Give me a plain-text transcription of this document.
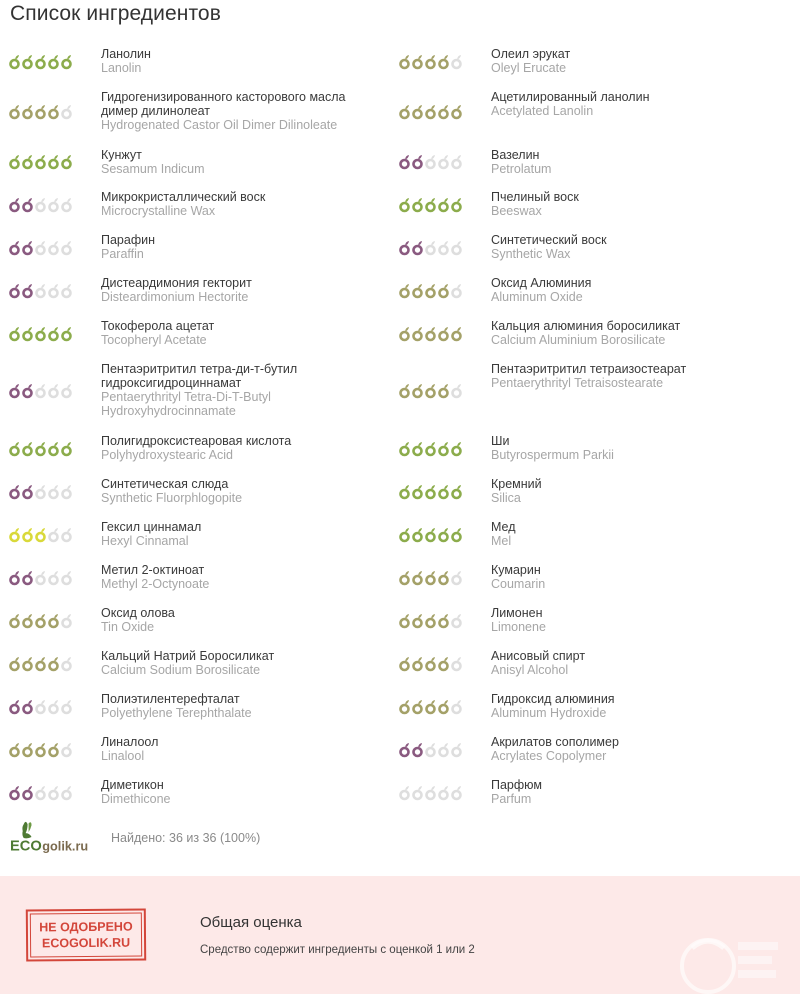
Список ингредиентов
Ланолин
Lanolin
Олеил эрукат
Oleyl Erucate
Гидрогенизированного касторового масла
димер дилинолеат
Hydrogenated Castor Oil Dimer Dilinoleate
Ацетилированный ланолин
Acetylated Lanolin
Кунжут
Sesamum Indicum
Вазелин
Petrolatum
Микрокристаллический воск
Microcrystalline Wax
Пчелиный воск
Beeswax
Парафин
Paraffin
Синтетический воск
Synthetic Wax
Дистеардимония гекторит
Disteardimonium Hectorite
Оксид Алюминия
Aluminum Oxide
Токоферола ацетат
Tocopheryl Acetate
Кальция алюминия боросиликат
Calcium Aluminium Borosilicate
Пентаэритритил тетра-ди-т-бутил
гидроксигидроциннамат
Pentaerythrityl Tetra-Di-T-Butyl
Hydroxyhydrocinnamate
Пентаэритритил тетраизостеарат
Pentaerythrityl Tetraisostearate
Полигидроксистеаровая кислота
Polyhydroxystearic Acid
Ши
Butyrospermum Parkii
Синтетическая слюда
Synthetic Fluorphlogopite
Кремний
Silica
Гексил циннамал
Hexyl Cinnamal
Мед
Mel
Метил 2-октиноат
Methyl 2-Octynoate
Кумарин
Coumarin
Оксид олова
Tin Oxide
Лимонен
Limonene
Кальций Натрий Боросиликат
Calcium Sodium Borosilicate
Анисовый спирт
Anisyl Alcohol
Полиэтилентерефталат
Polyethylene Terephthalate
Гидроксид алюминия
Aluminum Hydroxide
Линалоол
Linalool
Акрилатов сополимер
Acrylates Copolymer
Диметикон
Dimethicone
Парфюм
Parfum
ECO golik.ru
Найдено: 36 из 36 (100%)
НЕ ОДОБРЕНО
ECOGOLIK.RU
Общая оценка
Средство содержит ингредиенты с оценкой 1 или 2
